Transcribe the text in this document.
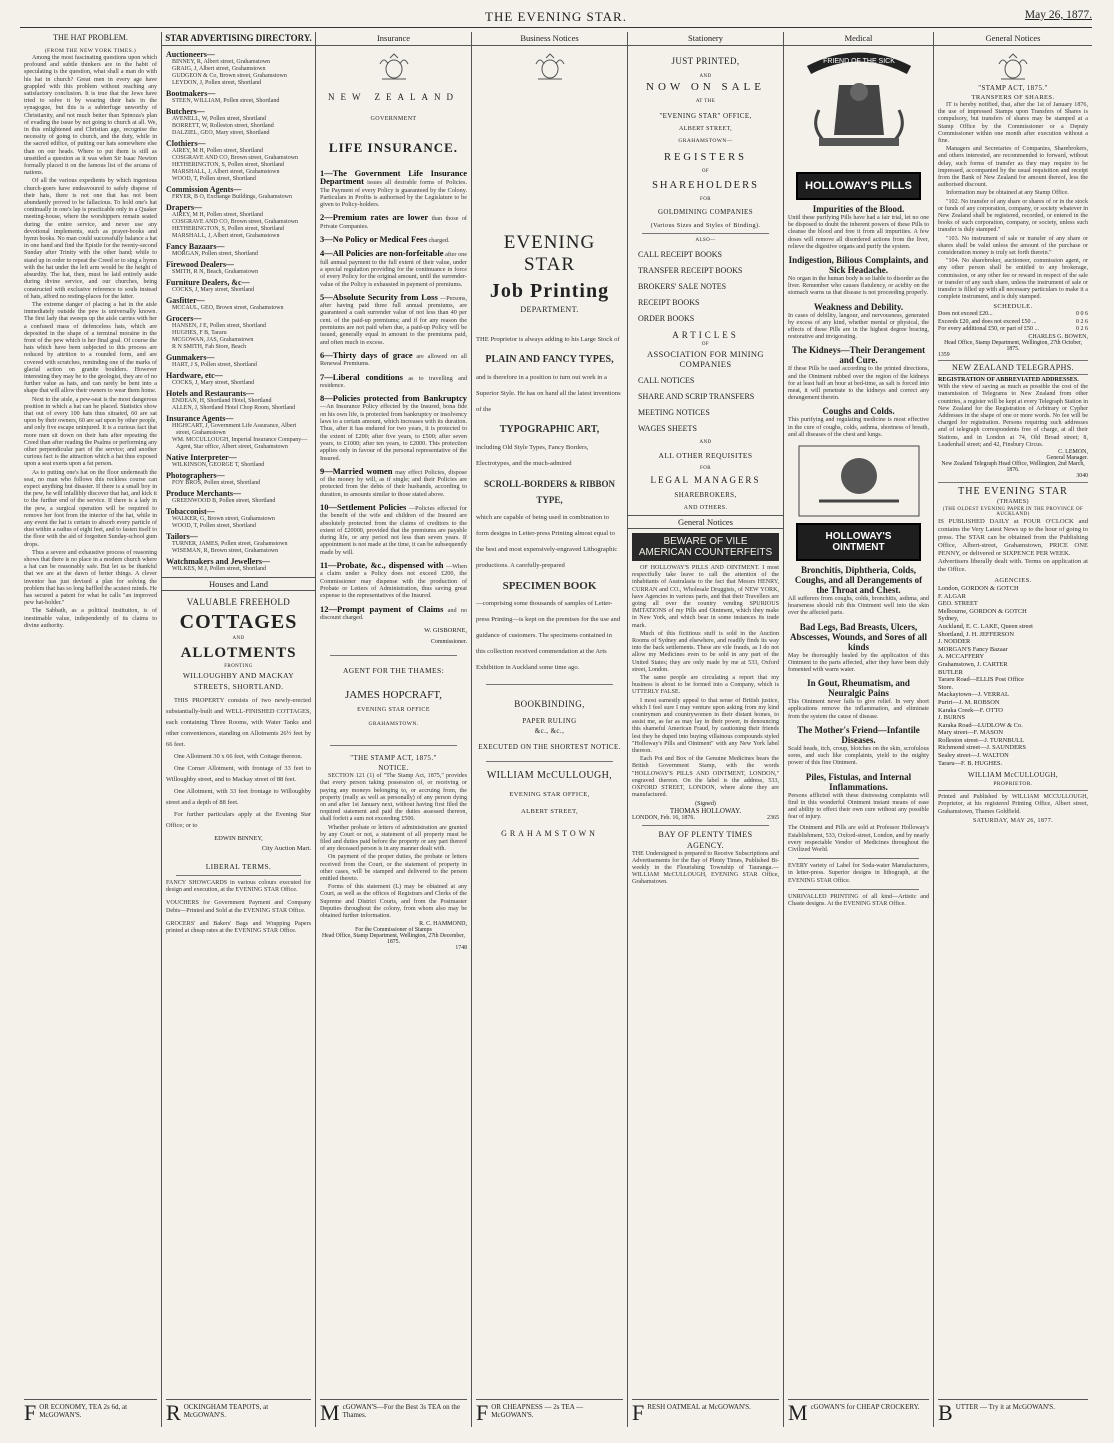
THE EVENING STAR.	May 26, 1877.
THE HAT PROBLEM.
(FROM THE NEW YORK TIMES.)

Among the most fascinating questions upon which profound and subtle thinkers are in the habit of speculating is the question, what shall a man do with his hat in church? Great men in every age have grappled with this problem without reaching any satisfactory conclusion. It is true that the Jews have tried to solve it by wearing their hats in the synagogue, but this is a subterfuge unworthy of Christianity, and not much better than Spinoza's plan of evading the issue by not going to church at all. We, in this enlightened and Christian age, recognise the necessity of going to church, and the duty, while in the sacred edifice, of putting our hats somewhere else than on our heads. Where to put them is still as unsettled a question as it was when Sir Isaac Newton formally placed it on the famous list of the arcana of nations.

Of all the various expedients by which ingenious church-goers have endeavoured to safely dispose of their hats, there is not one that has not been abundantly proved to be fallacious. To hold one's hat continually in one's lap is practicable only in a Quaker meeting-house, where the worshippers remain seated during the entire service, and never use any devotional implements, such as prayer-books and hymn books. No man could successfully balance a hat in one hand and find the Epistle for the twenty-second Sunday after Trinity with the other hand; while to stand up in order to repeat the Creed or to sing a hymn with the hat under the left arm would be the height of absurdity. The hat, then, must be laid entirely aside during divine service, and our churches, being constructed with exclusive reference to souls instead of hats, afford no resting-places for the latter.

The extreme danger of placing a hat in the aisle immediately outside the pew is universally known. The first lady that sweeps up the aisle carries with her a confused mass of defenceless hats, which are deposited in the shape of a terminal moraine in the front of the pew which is her final goal. Of course the hats which have been subjected to this process are reduced by attrition to a rounded form, and are covered with scratches, reminding one of the marks of glacial action on granite boulders. However interesting they may be to the geologist, they are of no further value as hats, and can rarely be bent into a shape that will allow their owners to wear them home.

Next to the aisle, a pew-seat is the most dangerous position in which a hat can be placed. Statistics show that out of every 100 hats thus situated, 60 are sat upon by their owners, 60 are sat upon by other people, and only five escape uninjured. It is a curious fact that more men sit down on their hats after repeating the Creed than after reading the Psalms or performing any other perpendicular part of the service; and another curious fact is the attraction which a hat thus exposed upon a seat exerts upon a fat person.

As to putting one's hat on the floor underneath the seat, no man who follows this reckless course can expect anything but disaster. If there is a small boy in the pew, he will infallibly discover that hat, and kick it to the further end of the service. If there is a lady in the pew, a surgical operation will be required to remove her foot from the interior of the hat, while in any event the hat is certain to absorb every particle of dust within a radius of eight feet, and to fasten itself to the floor with the aid of forgotten Sunday-school gum drops.

Thus a severe and exhaustive process of reasoning shows that there is no place in a modern church where a hat can be reasonably safe. But let us be thankful that we are at the dawn of better things. A clever inventor has just devised a plan for solving the problem that has so long baffled the acutest minds. He has secured a patent for what he calls "an improved pew hat-holder."

The Sabbath, as a political institution, is of inestimable value, independently of its claims to divine authority.

F OR ECONOMY, TEA 2s 6d, at McGOWAN'S.
STAR ADVERTISING DIRECTORY.
Auctioneers—
BINNEY, R, Albert street, Grahamstown
GRAIG, J, Albert street, Grahamstown
GUDGEON & Co, Brown street, Grahamstown
LEYDON, J, Pollen street, Shortland
Bootmakers—
STEEN, WILLIAM, Pollen street, Shortland
Butchers—
AVENELL, W, Pollen street, Shortland
BORRETT, W, Rolleston street, Shortland
DALZIEL, GEO, Mary street, Shortland
Clothiers—
AIREY, M H, Pollen street, Shortland
COSGRAVE AND CO, Brown street, Grahamstown
HETHERINGTON, S, Pollen street, Shortland
MARSHALL, J, Albert street, Grahamstown
WOOD, T, Pollen street, Shortland
Commission Agents—
FRYER, B O, Exchange Buildings, Grahamstown
Drapers—
AIREY, M H, Pollen street, Shortland
COSGRAVE AND CO, Brown street, Grahamstown
HETHERINGTON, S, Pollen street, Shortland
MARSHALL, J, Albert street, Grahamstown
Fancy Bazaars—
MORGAN, Pollen street, Shortland
Firewood Dealers—
SMITH, R N, Beach, Grahamstown
Furniture Dealers, &c—
COCKS, J, Mary street, Shortland
Gasfitter—
MCCAUL, GEO, Brown street, Grahamstown
Grocers—
HANSEN, J E, Pollen street, Shortland
HUGHES, F B, Tararu
MCGOWAN, JAS, Grahamstown
R N SMITH, Fah Store, Beach
Gunmakers—
HART, J S, Pollen street, Shortland
Hardware, etc—
COCKS, J, Mary street, Shortland
Hotels and Restaurants—
ENDEAN, H, Shortland Hotel, Shortland
ALLEN, J, Shortland Hotel Chop Room, Shortland
Insurance Agents—
HIGHCART, J, Government Life Assurance, Albert street, Grahamstown
WM. MCCULLOUGH, Imperial Insurance Company—Agent, Star office, Albert street, Grahamstown
Native Interpreter—
WILKINSON, GEORGE T, Shortland
Photographers—
FOY BROS, Pollen street, Shortland
Produce Merchants—
GREENWOOD B, Pollen street, Shortland
Tobacconist—
WALKER, G, Brown street, Grahamstown
WOOD, T, Pollen street, Shortland
Tailors—
TURNER, JAMES, Pollen street, Grahamstown
WISEMAN, R, Brown street, Grahamstown
Watchmakers and Jewellers—
WILKES, M J, Pollen street, Shortland
Houses and Land
VALUABLE FREEHOLD
COTTAGES
AND
ALLOTMENTS
FRONTING
WILLOUGHBY AND MACKAY
STREETS, SHORTLAND.

THIS PROPERTY consists of two newly-erected substantially-built and WELL-FINISHED COTTAGES, each containing Three Rooms, with Water Tanks and other conveniences, standing on Allotments 26½ feet by 66 feet.

One Allotment 30 x 66 feet, with Cottage thereon.

One Corner Allotment, with frontage of 33 feet to Willoughby street, and to Mackay street of 88 feet.

One Allotment, with 33 feet frontage to Willoughby street and a depth of 88 feet.

For further particulars apply at the Evening Star Office; or to

EDWIN BINNEY,
City Auction Mart.
LIBERAL TERMS.
FANCY SHOWCARDS in various colours executed for design and execution, at the EVENING STAR Office.
VOUCHERS for Government Payment and Company Debts—Printed and Sold at the EVENING STAR Office.
GROCERS' and Bakers' Bags and Wrapping Papers printed at cheap rates at the EVENING STAR Office.
R OCKINGHAM TEAPOTS, at McGOWAN'S.
Insurance
NEW ZEALAND
GOVERNMENT
LIFE INSURANCE.
1—The Government Life Insurance Department issues all desirable forms of Policies. The Payment of every Policy is guaranteed by the Colony. Particulars in Profits is authorised by the Legislature to be given to Policy-holders.
2—Premium rates are lower than those of Private Companies.
3—No Policy or Medical Fees charged.
4—All Policies are non-forfeitable after one full annual payment to the full extent of their value, under a special regulation providing for the continuance in force of every Policy for the original amount, until the surrender-value of the Policy is exhausted in payment of premiums.
5—Absolute Security from Loss —Persons, after having paid three full annual premiums, are guaranteed a cash surrender value of not less than 40 per cent. of the paid-up premiums; and if for any reason the premiums are not paid when due, a paid-up Policy will be issued, generally equal in amount to the premiums paid, and often much in excess.
6—Thirty days of grace are allowed on all Renewal Premiums.
7—Liberal conditions as to travelling and residence.
8—Policies protected from Bankruptcy —An Insurance Policy effected by the Insured, bona fide on his own life, is protected from bankruptcy or insolvency laws to a certain amount, which increases with its duration. Thus, after it has endured for two years, it is protected to the extent of £200; after five years, to £500; after seven years, to £1000; after ten years, to £2000. This protection applies only in favour of the personal representative of the Insured.
9—Married women may effect Policies, dispose of the money by will, as if single; and their Policies are protected from the debts of their husbands, according to duration, to amounts similar to those stated above.
10—Settlement Policies —Policies effected for the benefit of the wife and children of the Insured are absolutely protected from the claims of creditors to the extent of £20000, provided that the premiums are payable during life, or any period not less than seven years. If appointment is not made at the time, it can be subsequently made by will.
11—Probate, &c., dispensed with —When a claim under a Policy does not exceed £200, the Commissioner may dispense with the production of Probate or Letters of Administration, thus saving great expense to the representatives of the Insured.
12—Prompt payment of Claims and no discount charged.
W. GISBORNE,
Commissioner.
AGENT FOR THE THAMES:
JAMES HOPCRAFT,
EVENING STAR OFFICE
GRAHAMSTOWN.
"THE STAMP ACT, 1875."
NOTICE.

SECTION 121 (1) of "The Stamp Act, 1875," provides that every person taking possession of, or receiving or paying any moneys belonging to, or accruing from, the property (really as well as personally) of any person dying on and after 1st January next, without having first filed the required statement and paid the duties assessed thereon, shall forfeit a sum not exceeding £500.

Whether probate or letters of administration are granted by any Court or not, a statement of all property must be filed and duties paid before the property or any part thereof of any deceased person is in any manner dealt with.

On payment of the proper duties, the probate or letters received from the Court, or the statement of property in other cases, will be stamped and delivered to the person entitled thereto.

Forms of this statement (L) may be obtained at any Court, as well as the offices of Registrars and Clerks of the Supreme and District Courts, and from the Postmaster Deputies throughout the colony, from whom also may be obtained further information.

R. C. HAMMOND,
For the Commissioner of Stamps
Head Office, Stamp Department, Wellington, 27th December, 1875.
1748
M cGOWAN'S—For the Best 3s TEA on the Thames.
Business Notices
EVENING STAR
Job Printing
DEPARTMENT.
THE Proprietor is always adding to his Large Stock of
PLAIN AND FANCY TYPES,
and is therefore in a position to turn out work in a Superior Style. He has on hand all the latest inventions of the
TYPOGRAPHIC ART,
including Old Style Types, Fancy Borders, Electrotypes, and the much-admired
SCROLL-BORDERS & RIBBON TYPE,
which are capable of being used in combination to form designs in Letter-press Printing almost equal to the best and most expensively-engraved Lithographic productions. A carefully-prepared
SPECIMEN BOOK
—comprising some thousands of samples of Letter-press Printing—is kept on the premises for the use and guidance of customers. The specimens contained in this collection received commendation at the Arts Exhibition in Auckland some time ago.
BOOKBINDING,
PAPER RULING
&c., &c.,
EXECUTED ON THE SHORTEST NOTICE.
WILLIAM McCULLOUGH,
EVENING STAR OFFICE,
ALBERT STREET,
GRAHAMSTOWN
F OR CHEAPNESS — 2s TEA — McGOWAN'S.
Stationery
JUST PRINTED,
AND
NOW ON SALE
AT THE
"EVENING STAR" OFFICE,
ALBERT STREET,
GRAHAMSTOWN—
REGISTERS
OF
SHAREHOLDERS
FOR
GOLDMINING COMPANIES
(Various Sizes and Styles of Binding).
ALSO—
CALL RECEIPT BOOKS
TRANSFER RECEIPT BOOKS
BROKERS' SALE NOTES
RECEIPT BOOKS
ORDER BOOKS
ARTICLES
OF
ASSOCIATION FOR MINING COMPANIES
CALL NOTICES
SHARE AND SCRIP TRANSFERS
MEETING NOTICES
WAGES SHEETS
AND
ALL OTHER REQUISITES
FOR
LEGAL MANAGERS
SHAREBROKERS,
AND OTHERS.
General Notices
BEWARE OF VILE
AMERICAN COUNTERFEITS

OF HOLLOWAY'S PILLS AND OINTMENT. I most respectfully take leave to call the attention of the inhabitants of Australasia to the fact that Messrs HENRY, CURRAN and CO., Wholesale Druggists, of NEW YORK, have Agencies in various parts, and that their Travellers are going all over the country vending SPURIOUS IMITATIONS of my Pills and Ointment, which they make in New York, and which bear in some instances its trade mark.

Much of this fictitious stuff is sold in the Auction Rooms of Sydney and elsewhere, and readily finds its way into the back settlements. These are vile frauds, as I do not allow my Medicines even to be sold in any part of the United States; they are only made by me at 533, Oxford street, London.

The same people are circulating a report that my business is about to be formed into a Company, which is UTTERLY FALSE.

I most earnestly appeal to that sense of British justice, which I feel sure I may venture upon asking from my kind countrymen and countrywomen in their distant homes, to assist me, as far as may lay in their power, in denouncing this shameful American Fraud, by cautioning their friends lest they be duped into buying villainous compounds styled "Holloway's Pills and Ointment" with any New York label thereon.

Each Pot and Box of the Genuine Medicines bears the British Government Stamp, with the words "HOLLOWAY'S PILLS AND OINTMENT, LONDON," engraved thereon. On the label is the address, 533, OXFORD STREET, LONDON, where alone they are manufactured.

(Signed)
THOMAS HOLLOWAY.
LONDON, Feb. 16, 1876.	2365
BAY OF PLENTY TIMES
AGENCY.
THE Undersigned is prepared to Receive Subscriptions and Advertisements for the Bay of Plenty Times, Published Bi-weekly in the Flourishing Township of Tauranga.—WILLIAM McCULLOUGH, EVENING STAR Office, Grahamstown.
F RESH OATMEAL at McGOWAN'S.
Medical
FRIEND OF THE SICK
HOLLOWAY'S PILLS
Impurities of the Blood.
Until these purifying Pills have had a fair trial, let no one be disposed to doubt the inherent powers of these Pills to cleanse the blood and free it from all impurities. A few doses will remove all disordered actions from the liver, relieve the digestive organs and purify the system.
Indigestion, Bilious Complaints, and Sick Headache.
No organ in the human body is so liable to disorder as the liver. Remember who causes flatulency, or acidity on the stomach warns us that disease is not proceeding properly.
Weakness and Debility.
In cases of debility, langour, and nervousness, generated by excess of any kind, whether mental or physical, the effects of these Pills are in the highest degree bracing, restorative and invigorating.
The Kidneys—Their Derangement and Cure.
If these Pills be used according to the printed directions, and the Ointment rubbed over the region of the kidneys for at least half an hour at bed-time, as salt is forced into meat, it will penetrate to the kidneys and correct any derangement therein.
Coughs and Colds.
This purifying and regulating medicine is most effective in the cure of coughs, colds, asthma, shortness of breath, and all diseases of the chest and lungs.
HOLLOWAY'S OINTMENT
Bronchitis, Diphtheria, Colds, Coughs, and all Derangements of the Throat and Chest.
All sufferers from coughs, colds, bronchitis, asthma, and hoarseness should rub this Ointment well into the skin over the affected parts.
Bad Legs, Bad Breasts, Ulcers, Abscesses, Wounds, and Sores of all kinds
May be thoroughly healed by the application of this Ointment to the parts affected, after they have been duly fomented with warm water.
In Gout, Rheumatism, and Neuralgic Pains
This Ointment never fails to give relief. In very short applications remove the inflammation, and eliminate from the system the cause of disease.
The Mother's Friend—Infantile Diseases.
Scald heads, itch, croup, blotches on the skin, scrofulous sores, and such like complaints, yield to the mighty power of this fine Ointment.
Piles, Fistulas, and Internal Inflammations.
Persons afflicted with these distressing complaints will find in this wonderful Ointment instant means of ease and ability to effect their own cure without any possible fear of injury.
The Ointment and Pills are sold at Professor Holloway's Establishment, 533, Oxford-street, London, and by nearly every respectable Vendor of Medicines throughout the Civilized World.
EVERY variety of Label for Soda-water Manufacturers, in letter-press. Superior designs in lithograph, at the EVENING STAR Office.
UNRIVALLED PRINTING of all kind—Artistic and Chaste designs. At the EVENING STAR Office.
M cGOWAN'S for CHEAP CROCKERY.
General Notices
"STAMP ACT, 1875."
TRANSFERS OF SHARES.

IT is hereby notified, that, after the 1st of January 1876, the use of impressed Stamps upon Transfers of Shares is compulsory, but transfers of shares may be stamped at a Stamp Office by the Commissioner or a Deputy Commissioner within one month after execution without a fine.

Managers and Secretaries of Companies, Sharebrokers, and others interested, are recommended to forward, without delay, such forms of transfer as they may require to be impressed, accompanied by the usual requisition and receipt from the Bank of New Zealand for amount thereof, less the authorised discount.

Information may be obtained at any Stamp Office.

"102. No transfer of any share or shares of or in the stock or funds of any corporation, company, or society whatever in New Zealand shall be registered, recorded, or entered in the books of such corporation, company, or society, unless such transfer is duly stamped."

"103. No instrument of sale or transfer of any share or shares shall be valid unless the amount of the purchase or consideration money is truly set forth therein."

"104. No sharebroker, auctioneer, commission agent, or any other person shall be entitled to any brokerage, commission, or any other fee or reward in respect of the sale or transfer of any such share, unless the instrument of sale or transfer is filled up with all necessary particulars to make it a complete instrument, and is duly stamped.

SCHEDULE.
Does not exceed £20...	0 0 6
Exceeds £20, and does not exceed £50 ...	0 2 6
For every additional £50, or part of £50 ...	0 2 6
CHARLES G. BOWEN,
Head Office, Stamp Department, Wellington, 27th October, 1875.
1359
NEW ZEALAND TELEGRAPHS.
REGISTRATION OF ABBREVIATED ADDRESSES.
With the view of saving as much as possible the cost of the transmission of Telegrams to New Zealand from other countries, a register will be kept at every Telegraph Station in New Zealand for the Registration of Arbitrary or Cypher Addresses in the shape of one or more words. No fee will be charged for registration. Persons requiring such addresses and of telegraph correspondents free of charge, at all their Stations, and in London at 74, Old Broad street; 8, Leadenhall street; and 42, Finsbury Circus.
C. LEMON,
General Manager.
New Zealand Telegraph Head Office, Wellington, 2nd March, 1876.
3040
THE EVENING STAR
(THAMES)
(THE OLDEST EVENING PAPER IN THE PROVINCE OF AUCKLAND)
IS PUBLISHED DAILY at FOUR O'CLOCK and contains the Very Latest News up to the hour of going to press. The STAR can be obtained from the Publishing Office, Albert-street, Grahamstown, PRICE ONE PENNY, or delivered or SIXPENCE PER WEEK.
Advertisers liberally dealt with. Terms on application at the Office.
AGENCIES.

London, GORDON & GOTCH

F. ALGAR

GEO. STREET

Melbourne, GORDON & GOTCH

Sydney,

Auckland, E. C. LAKE, Queen street

Shortland, J. H. JEFFERSON

J. NODDER

MORGAN'S Fancy Bazaar

A. MCCAFFERY

Grahamstown, J. CARTER

BUTLER

Tararu Road—ELLIS Post Office

Store.

Mackaytown—J. VERRAL

Puriri—J. M. ROBSON

Karaka Creek—F. OTTO

J. BURNS

Karaka Road—LUDLOW & Co.

Mary street—F. MASON

Rolleston street—J. TURNBULL

Richmond street—J. SAUNDERS

Sealey street—J. WALTON

Tararu—F. B. HUGHES.

WILLIAM McCULLOUGH,
PROPRIETOR.
Printed and Published by WILLIAM MCCULLOUGH, Proprietor, at his registered Printing Office, Albert street, Grahamstown, Thames Goldfield.
SATURDAY, MAY 26, 1877.
B UTTER — Try it at McGOWAN'S.
